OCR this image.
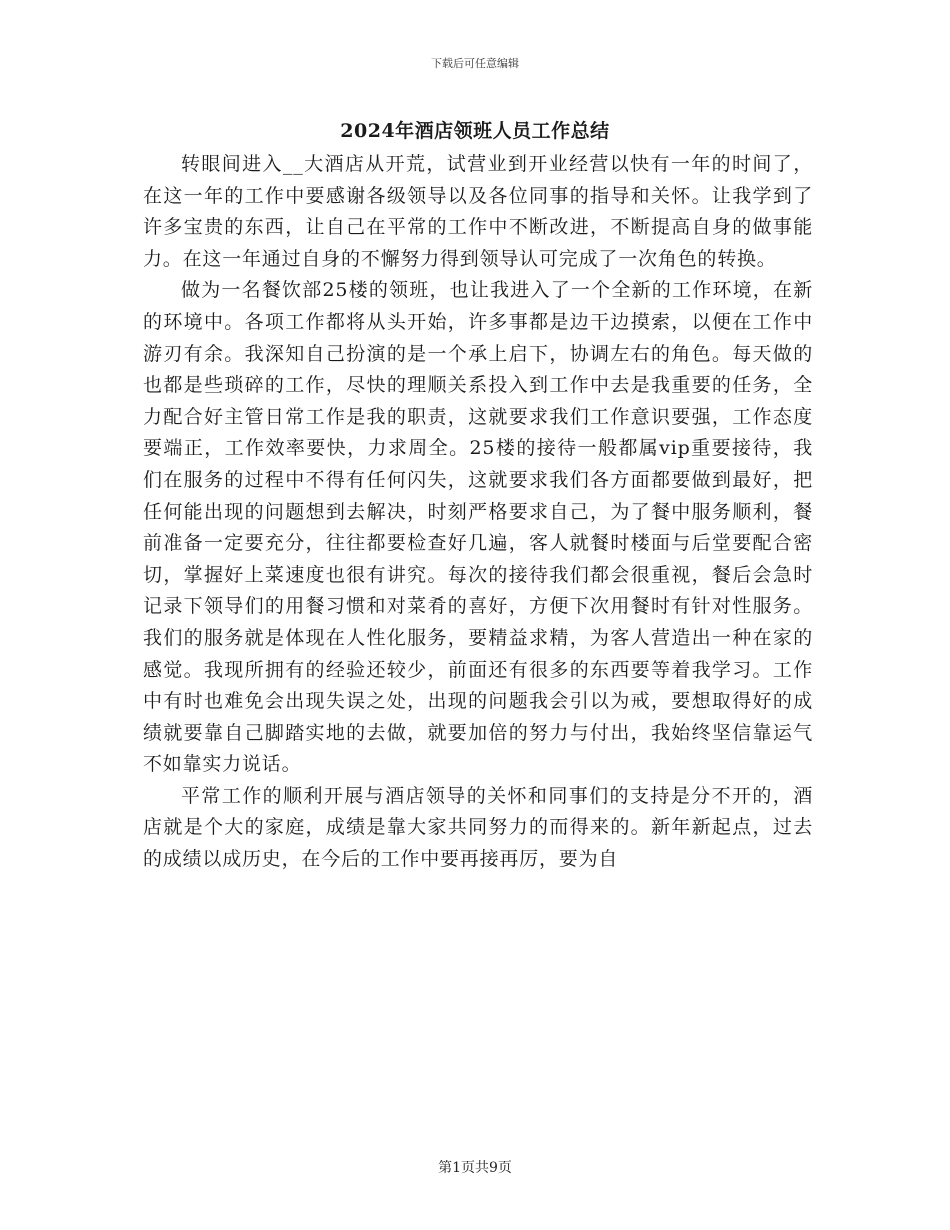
下载后可任意编辑
2024年酒店领班人员工作总结

转眼间进入__大酒店从开荒，试营业到开业经营以快有一年的时间了，在这一年的工作中要感谢各级领导以及各位同事的指导和关怀。让我学到了许多宝贵的东西，让自己在平常的工作中不断改进，不断提高自身的做事能力。在这一年通过自身的不懈努力得到领导认可完成了一次角色的转换。

做为一名餐饮部25楼的领班，也让我进入了一个全新的工作环境，在新的环境中。各项工作都将从头开始，许多事都是边干边摸索，以便在工作中游刃有余。我深知自己扮演的是一个承上启下，协调左右的角色。每天做的也都是些琐碎的工作，尽快的理顺关系投入到工作中去是我重要的任务，全力配合好主管日常工作是我的职责，这就要求我们工作意识要强，工作态度要端正，工作效率要快，力求周全。25楼的接待一般都属vip重要接待，我们在服务的过程中不得有任何闪失，这就要求我们各方面都要做到最好，把任何能出现的问题想到去解决，时刻严格要求自己，为了餐中服务顺利，餐前准备一定要充分，往往都要检查好几遍，客人就餐时楼面与后堂要配合密切，掌握好上菜速度也很有讲究。每次的接待我们都会很重视，餐后会急时记录下领导们的用餐习惯和对菜肴的喜好，方便下次用餐时有针对性服务。我们的服务就是体现在人性化服务，要精益求精，为客人营造出一种在家的感觉。我现所拥有的经验还较少，前面还有很多的东西要等着我学习。工作中有时也难免会出现失误之处，出现的问题我会引以为戒，要想取得好的成绩就要靠自己脚踏实地的去做，就要加倍的努力与付出，我始终坚信靠运气不如靠实力说话。

平常工作的顺利开展与酒店领导的关怀和同事们的支持是分不开的，酒店就是个大的家庭，成绩是靠大家共同努力的而得来的。新年新起点，过去的成绩以成历史，在今后的工作中要再接再厉，要为自

第1页共9页
